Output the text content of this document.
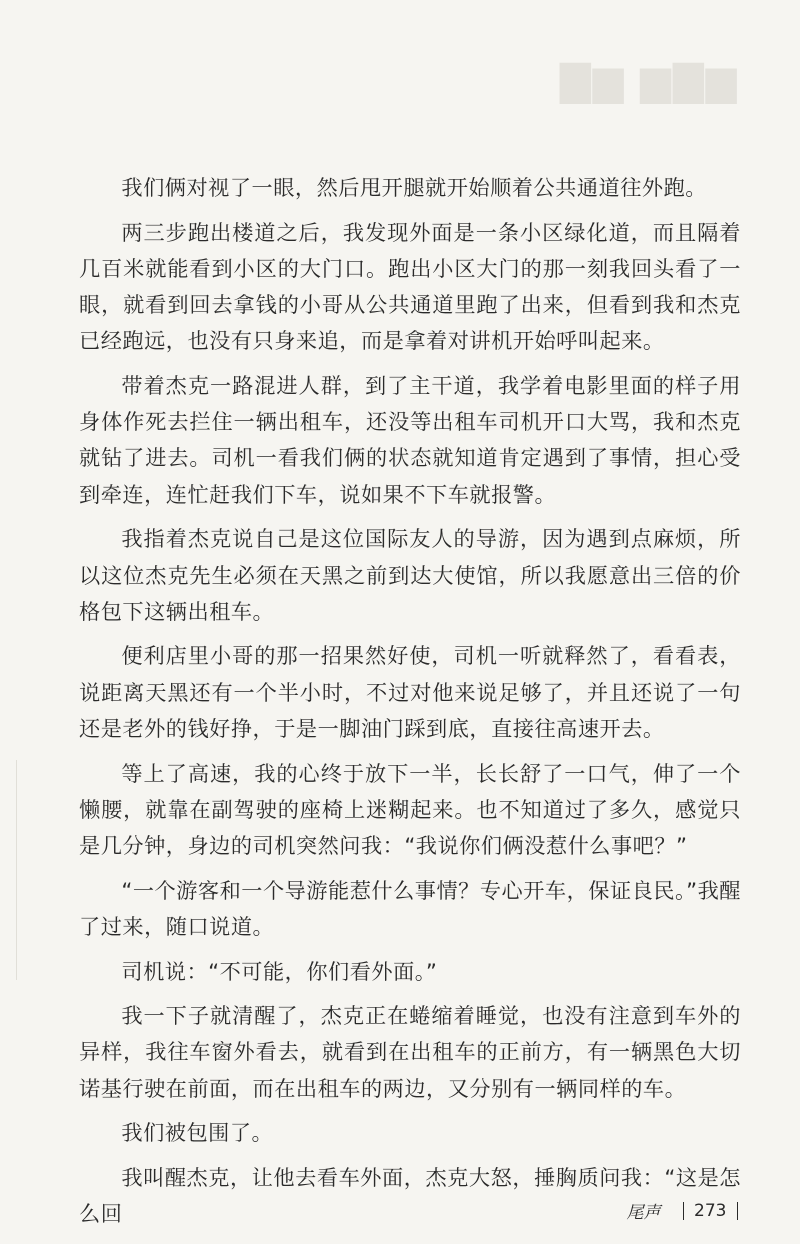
▇▆ ▆▇▆

我们俩对视了一眼，然后甩开腿就开始顺着公共通道往外跑。

两三步跑出楼道之后，我发现外面是一条小区绿化道，而且隔着几百米就能看到小区的大门口。跑出小区大门的那一刻我回头看了一眼，就看到回去拿钱的小哥从公共通道里跑了出来，但看到我和杰克已经跑远，也没有只身来追，而是拿着对讲机开始呼叫起来。

带着杰克一路混进人群，到了主干道，我学着电影里面的样子用身体作死去拦住一辆出租车，还没等出租车司机开口大骂，我和杰克就钻了进去。司机一看我们俩的状态就知道肯定遇到了事情，担心受到牵连，连忙赶我们下车，说如果不下车就报警。

我指着杰克说自己是这位国际友人的导游，因为遇到点麻烦，所以这位杰克先生必须在天黑之前到达大使馆，所以我愿意出三倍的价格包下这辆出租车。

便利店里小哥的那一招果然好使，司机一听就释然了，看看表，说距离天黑还有一个半小时，不过对他来说足够了，并且还说了一句还是老外的钱好挣，于是一脚油门踩到底，直接往高速开去。

等上了高速，我的心终于放下一半，长长舒了一口气，伸了一个懒腰，就靠在副驾驶的座椅上迷糊起来。也不知道过了多久，感觉只是几分钟，身边的司机突然问我：“我说你们俩没惹什么事吧？”

“一个游客和一个导游能惹什么事情？专心开车，保证良民。”我醒了过来，随口说道。

司机说：“不可能，你们看外面。”

我一下子就清醒了，杰克正在蜷缩着睡觉，也没有注意到车外的异样，我往车窗外看去，就看到在出租车的正前方，有一辆黑色大切诺基行驶在前面，而在出租车的两边，又分别有一辆同样的车。

我们被包围了。

我叫醒杰克，让他去看车外面，杰克大怒，捶胸质问我：“这是怎么回	尾声 273
